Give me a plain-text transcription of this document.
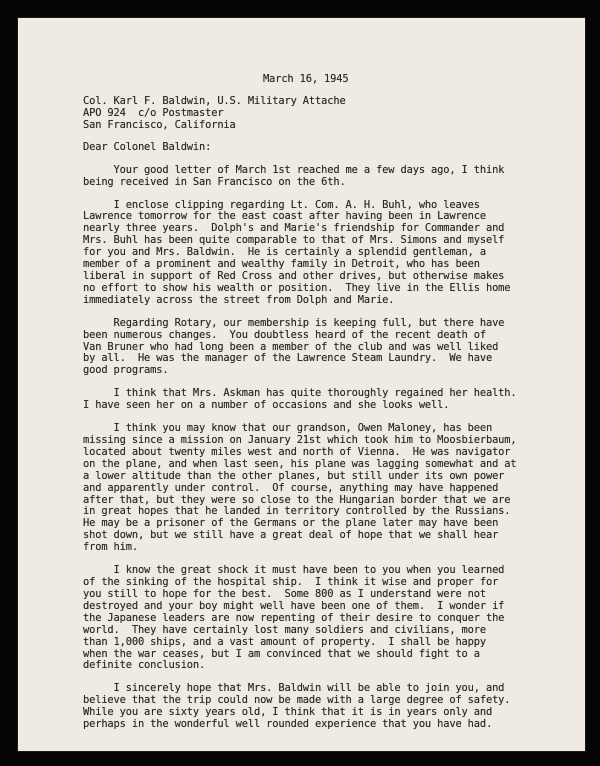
March 16, 1945
Col. Karl F. Baldwin, U.S. Military Attache
APO 924  c/o Postmaster
San Francisco, California
Dear Colonel Baldwin:
Your good letter of March 1st reached me a few days ago, I think
being received in San Francisco on the 6th.
I enclose clipping regarding Lt. Com. A. H. Buhl, who leaves
Lawrence tomorrow for the east coast after having been in Lawrence
nearly three years.  Dolph's and Marie's friendship for Commander and
Mrs. Buhl has been quite comparable to that of Mrs. Simons and myself
for you and Mrs. Baldwin.  He is certainly a splendid gentleman, a
member of a prominent and wealthy family in Detroit, who has been
liberal in support of Red Cross and other drives, but otherwise makes
no effort to show his wealth or position.  They live in the Ellis home
immediately across the street from Dolph and Marie.
Regarding Rotary, our membership is keeping full, but there have
been numerous changes.  You doubtless heard of the recent death of
Van Bruner who had long been a member of the club and was well liked
by all.  He was the manager of the Lawrence Steam Laundry.  We have
good programs.
I think that Mrs. Askman has quite thoroughly regained her health.
I have seen her on a number of occasions and she looks well.
I think you may know that our grandson, Owen Maloney, has been
missing since a mission on January 21st which took him to Moosbierbaum,
located about twenty miles west and north of Vienna.  He was navigator
on the plane, and when last seen, his plane was lagging somewhat and at
a lower altitude than the other planes, but still under its own power
and apparently under control.  Of course, anything may have happened
after that, but they were so close to the Hungarian border that we are
in great hopes that he landed in territory controlled by the Russians.
He may be a prisoner of the Germans or the plane later may have been
shot down, but we still have a great deal of hope that we shall hear
from him.
I know the great shock it must have been to you when you learned
of the sinking of the hospital ship.  I think it wise and proper for
you still to hope for the best.  Some 800 as I understand were not
destroyed and your boy might well have been one of them.  I wonder if
the Japanese leaders are now repenting of their desire to conquer the
world.  They have certainly lost many soldiers and civilians, more
than 1,000 ships, and a vast amount of property.  I shall be happy
when the war ceases, but I am convinced that we should fight to a
definite conclusion.
I sincerely hope that Mrs. Baldwin will be able to join you, and
believe that the trip could now be made with a large degree of safety.
While you are sixty years old, I think that it is in years only and
perhaps in the wonderful well rounded experience that you have had.
